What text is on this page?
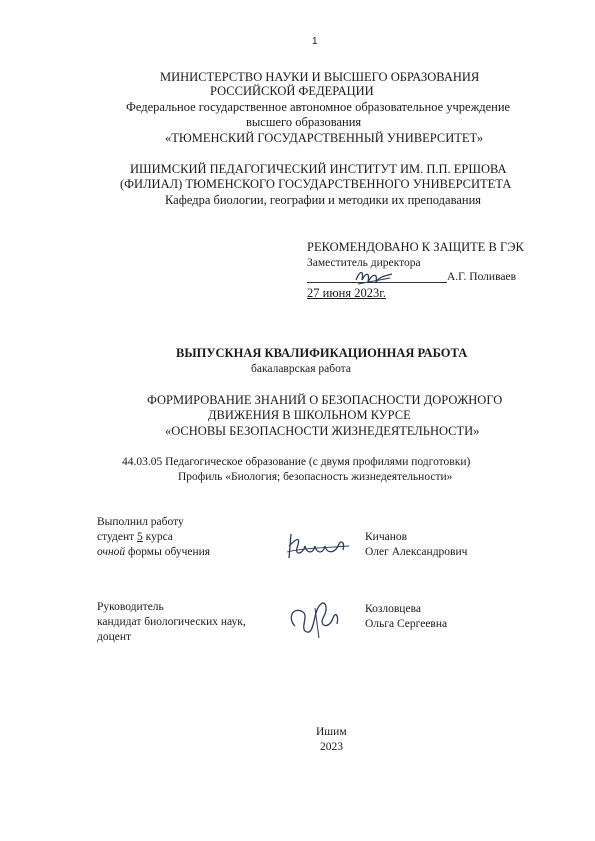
1
МИНИСТЕРСТВО НАУКИ И ВЫСШЕГО ОБРАЗОВАНИЯ
РОССИЙСКОЙ ФЕДЕРАЦИИ
Федеральное государственное автономное образовательное учреждение
высшего образования
«ТЮМЕНСКИЙ ГОСУДАРСТВЕННЫЙ УНИВЕРСИТЕТ»
ИШИМСКИЙ ПЕДАГОГИЧЕСКИЙ ИНСТИТУТ ИМ. П.П. ЕРШОВА
(ФИЛИАЛ) ТЮМЕНСКОГО ГОСУДАРСТВЕННОГО УНИВЕРСИТЕТА
Кафедра биологии, географии и методики их преподавания
РЕКОМЕНДОВАНО К ЗАЩИТЕ В ГЭК
Заместитель директора
А.Г. Поливаев
27 июня 2023г.
ВЫПУСКНАЯ КВАЛИФИКАЦИОННАЯ РАБОТА
бакалаврская работа
ФОРМИРОВАНИЕ ЗНАНИЙ О БЕЗОПАСНОСТИ ДОРОЖНОГО
ДВИЖЕНИЯ В ШКОЛЬНОМ КУРСЕ
«ОСНОВЫ БЕЗОПАСНОСТИ ЖИЗНЕДЕЯТЕЛЬНОСТИ»
44.03.05 Педагогическое образование (с двумя профилями подготовки)
Профиль «Биология; безопасность жизнедеятельности»
Выполнил работу
студент 5 курса
очной формы обучения
Кичанов
Олег Александрович
Руководитель
кандидат биологических наук,
доцент
Козловцева
Ольга Сергеевна
Ишим
2023
